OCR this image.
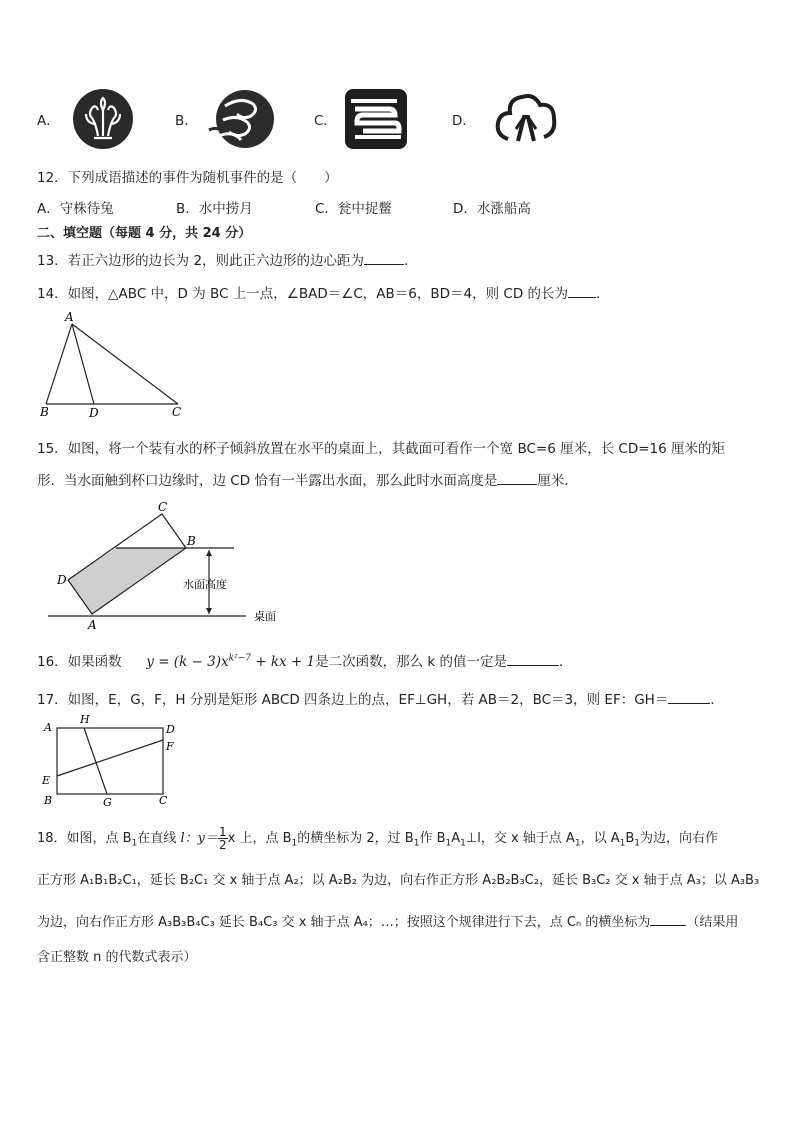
A．	B．	C．	D．
12．下列成语描述的事件为随机事件的是（　　）
A．守株待兔	B．水中捞月	C．瓮中捉鳖	D．水涨船高
二、填空题（每题 4 分，共 24 分）
13．若正六边形的边长为 2，则此正六边形的边心距为	．
14．如图，△ABC 中，D 为 BC 上一点，∠BAD＝∠C，AB＝6，BD＝4，则 CD 的长为 ．
A
B	D	C
15．如图，将一个装有水的杯子倾斜放置在水平的桌面上，其截面可看作一个宽 BC=6 厘米，长 CD=16 厘米的矩
形．当水面触到杯口边缘时，边 CD 恰有一半露出水面，那么此时水面高度是	厘米．
C
B
D
A
水面高度
桌面
16．如果函数 $y = (k - 3)x^{k^2-7}$ + kx + 1是二次函数，那么 k 的值一定是	．
17．如图，E，G，F，H 分别是矩形 ABCD 四条边上的点，EF⊥GH，若 AB＝2，BC＝3，则 EF：GH＝	．
A
H
D
F
E
B	G	C
18．如图，点 $B_1$在直线 l：$y= \frac{1}{2}$ x 上，点 $B_1$的横坐标为 2，过 $B_1$作 $B_1A_1\perp l$，交 x 轴于点 $A_1$，以 $A_1B_1$为边，向右作
正方形 A₁B₁B₂C₁，延长 B₂C₁ 交 x 轴于点 A₂；以 A₂B₂ 为边，向右作正方形 A₂B₂B₃C₂，延长 B₃C₂ 交 x 轴于点 A₃；以 A₃B₃
为边，向右作正方形 A₃B₃B₄C₃ 延长 B₄C₃ 交 x 轴于点 A₄；…；按照这个规律进行下去，点 Cₙ 的横坐标为	（结果用
含正整数 n 的代数式表示）
